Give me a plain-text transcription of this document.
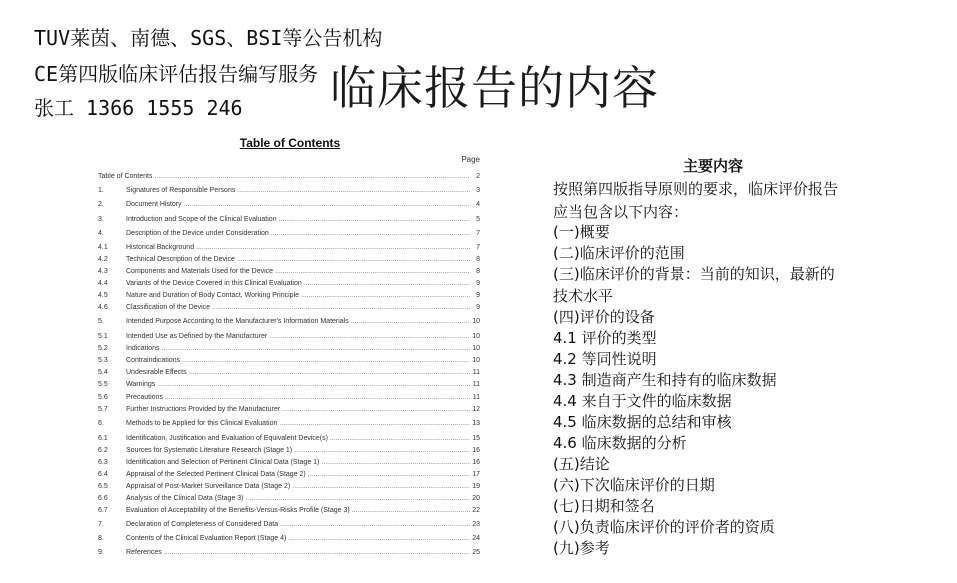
TUV莱茵、南德、SGS、BSI等公告机构
CE第四版临床评估报告编写服务
张工 1366 1555 246 临床报告的内容
Table of Contents
Page
Table of Contents .....	2
1.	Signatures of Responsible Persons .....	3
2.	Document History .....	4
3.	Introduction and Scope of the Clinical Evaluation .....	5
4.	Description of the Device under Consideration .....	7
4.1	Historical Background .....	7
4.2	Technical Description of the Device .....	8
4.3	Components and Materials Used for the Device .....	8
4.4	Variants of the Device Covered in this Clinical Evaluation .....	9
4.5	Nature and Duration of Body Contact, Working Principle .....	9
4.6	Classification of the Device .....	9
5.	Intended Purpose According to the Manufacturer's Information Materials .....	10
5.1	Intended Use as Defined by the Manufacturer .....	10
5.2	Indications .....	10
5.3	Contraindications .....	10
5.4	Undesirable Effects .....	11
5.5	Warnings .....	11
5.6	Precautions .....	11
5.7	Further Instructions Provided by the Manufacturer .....	12
6.	Methods to be Applied for this Clinical Evaluation .....	13
6.1	Identification, Justification and Evaluation of Equivalent Device(s) .....	15
6.2	Sources for Systematic Literature Research (Stage 1) .....	16
6.3	Identification and Selection of Pertinent Clinical Data (Stage 1) .....	16
6.4	Appraisal of the Selected Pertinent Clinical Data (Stage 2) .....	17
6.5	Appraisal of Post-Market Surveillance Data (Stage 2) .....	19
6.6	Analysis of the Clinical Data (Stage 3) .....	20
6.7	Evaluation of Acceptability of the Benefits-Versus-Risks Profile (Stage 3) .....	22
7.	Declaration of Completeness of Considered Data .....	23
8.	Contents of the Clinical Evaluation Report (Stage 4) .....	24
9.	References .....	25
主要内容
按照第四版指导原则的要求，临床评价报告
应当包含以下内容：
(一)概要
(二)临床评价的范围
(三)临床评价的背景：当前的知识，最新的
技术水平
(四)评价的设备
4.1 评价的类型
4.2 等同性说明
4.3 制造商产生和持有的临床数据
4.4 来自于文件的临床数据
4.5 临床数据的总结和审核
4.6 临床数据的分析
(五)结论
(六)下次临床评价的日期
(七)日期和签名
(八)负责临床评价的评价者的资质
(九)参考
